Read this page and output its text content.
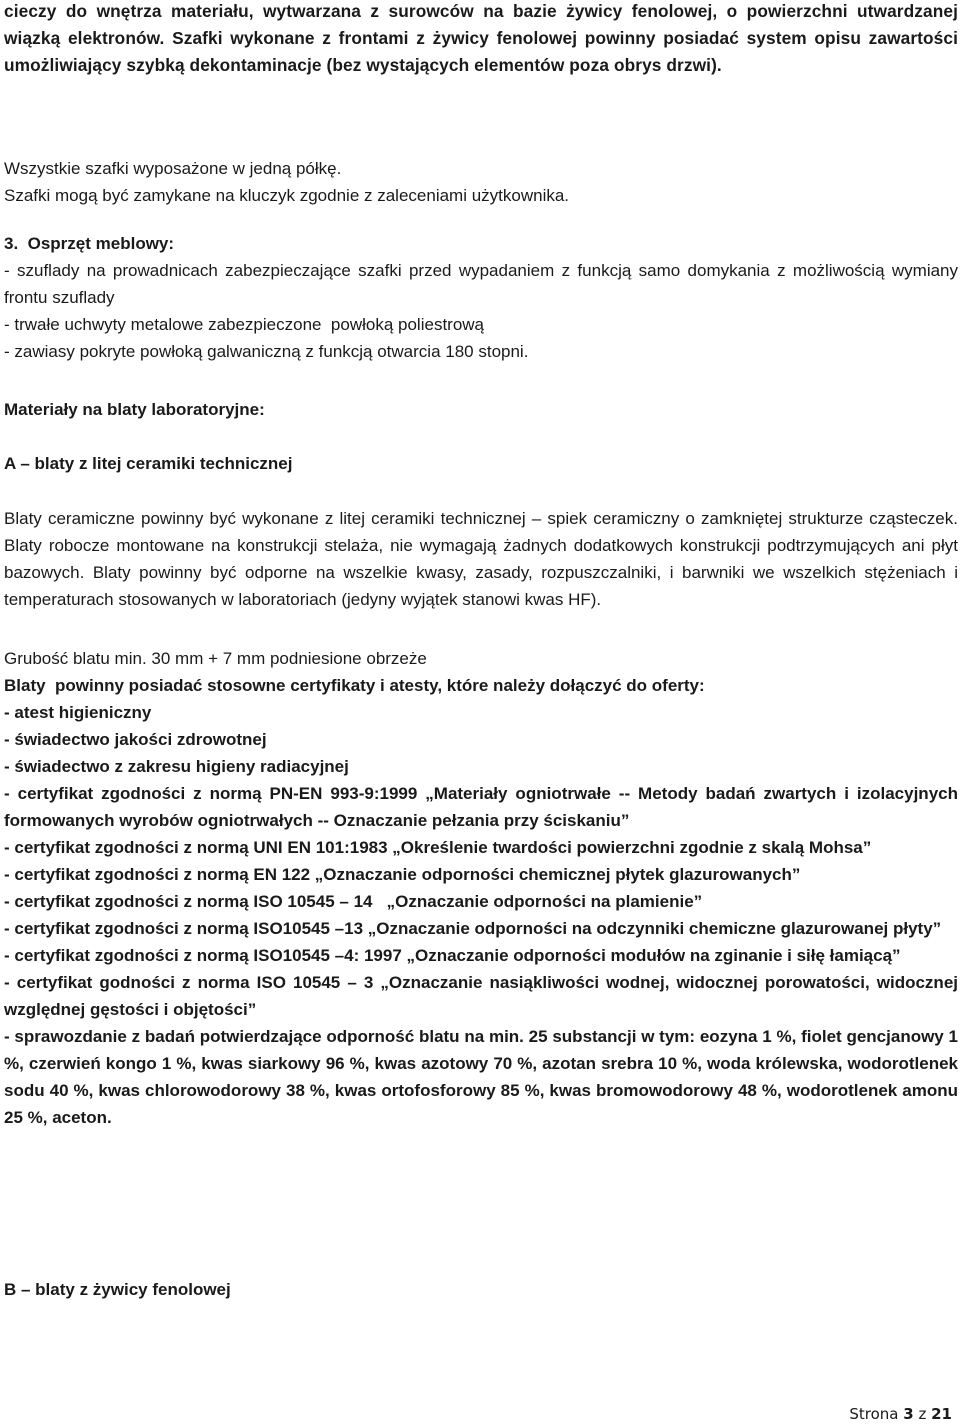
cieczy do wnętrza materiału, wytwarzana z surowców na bazie żywicy fenolowej, o powierzchni utwardzanej wiązką elektronów. Szafki wykonane z frontami z żywicy fenolowej powinny posiadać system opisu zawartości umożliwiający szybką dekontaminacje (bez wystających elementów poza obrys drzwi).

Wszystkie szafki wyposażone w jedną półkę.

Szafki mogą być zamykane na kluczyk zgodnie z zaleceniami użytkownika.

3.  Osprzęt meblowy:

- szuflady na prowadnicach zabezpieczające szafki przed wypadaniem z funkcją samo domykania z możliwością wymiany frontu szuflady

- trwałe uchwyty metalowe zabezpieczone  powłoką poliestrową

- zawiasy pokryte powłoką galwaniczną z funkcją otwarcia 180 stopni.

Materiały na blaty laboratoryjne:

A – blaty z litej ceramiki technicznej

Blaty ceramiczne powinny być wykonane z litej ceramiki technicznej – spiek ceramiczny o zamkniętej strukturze cząsteczek. Blaty robocze montowane na konstrukcji stelaża, nie wymagają żadnych dodatkowych konstrukcji podtrzymujących ani płyt bazowych. Blaty powinny być odporne na wszelkie kwasy, zasady, rozpuszczalniki, i barwniki we wszelkich stężeniach i temperaturach stosowanych w laboratoriach (jedyny wyjątek stanowi kwas HF).

Grubość blatu min. 30 mm + 7 mm podniesione obrzeże

Blaty  powinny posiadać stosowne certyfikaty i atesty, które należy dołączyć do oferty:

- atest higieniczny

- świadectwo jakości zdrowotnej

- świadectwo z zakresu higieny radiacyjnej

- certyfikat zgodności z normą PN-EN 993-9:1999 „Materiały ogniotrwałe -- Metody badań zwartych i izolacyjnych formowanych wyrobów ogniotrwałych -- Oznaczanie pełzania przy ściskaniu”

- certyfikat zgodności z normą UNI EN 101:1983 „Określenie twardości powierzchni zgodnie z skalą Mohsa”

- certyfikat zgodności z normą EN 122 „Oznaczanie odporności chemicznej płytek glazurowanych”

- certyfikat zgodności z normą ISO 10545 – 14   „Oznaczanie odporności na plamienie”

- certyfikat zgodności z normą ISO10545 –13 „Oznaczanie odporności na odczynniki chemiczne glazurowanej płyty”

- certyfikat zgodności z normą ISO10545 –4: 1997 „Oznaczanie odporności modułów na zginanie i siłę łamiącą”

- certyfikat godności z norma ISO 10545 – 3 „Oznaczanie nasiąkliwości wodnej, widocznej porowatości, widocznej względnej gęstości i objętości”

- sprawozdanie z badań potwierdzające odporność blatu na min. 25 substancji w tym: eozyna 1 %, fiolet gencjanowy 1 %, czerwień kongo 1 %, kwas siarkowy 96 %, kwas azotowy 70 %, azotan srebra 10 %, woda królewska, wodorotlenek sodu 40 %, kwas chlorowodorowy 38 %, kwas ortofosforowy 85 %, kwas bromowodorowy 48 %, wodorotlenek amonu 25 %, aceton.

B – blaty z żywicy fenolowej

Strona 3 z 21
